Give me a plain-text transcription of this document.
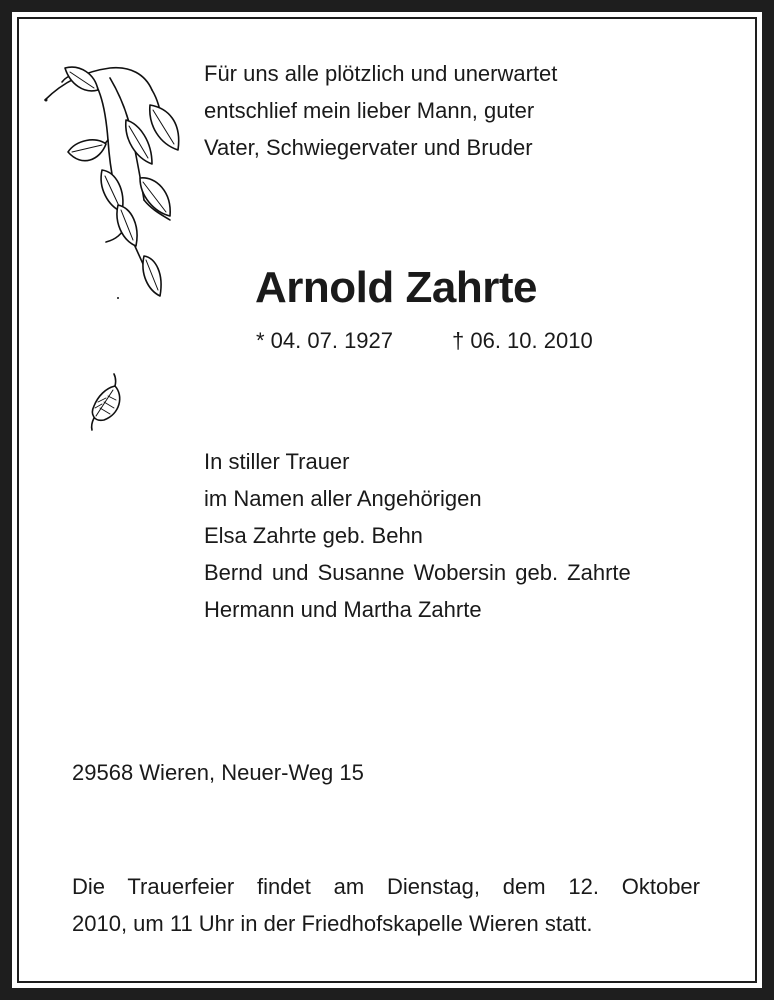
Für uns alle plötzlich und unerwartet
entschlief mein lieber Mann, guter
Vater, Schwiegervater und Bruder
Arnold Zahrte
* 04. 07. 1927	† 06. 10. 2010
In stiller Trauer
im Namen aller Angehörigen
Elsa Zahrte geb. Behn
Bernd und Susanne Wobersin geb. Zahrte
Hermann und Martha Zahrte
29568 Wieren, Neuer-Weg 15
Die Trauerfeier findet am Dienstag, dem 12. Oktober
2010, um 11 Uhr in der Friedhofskapelle Wieren statt.
